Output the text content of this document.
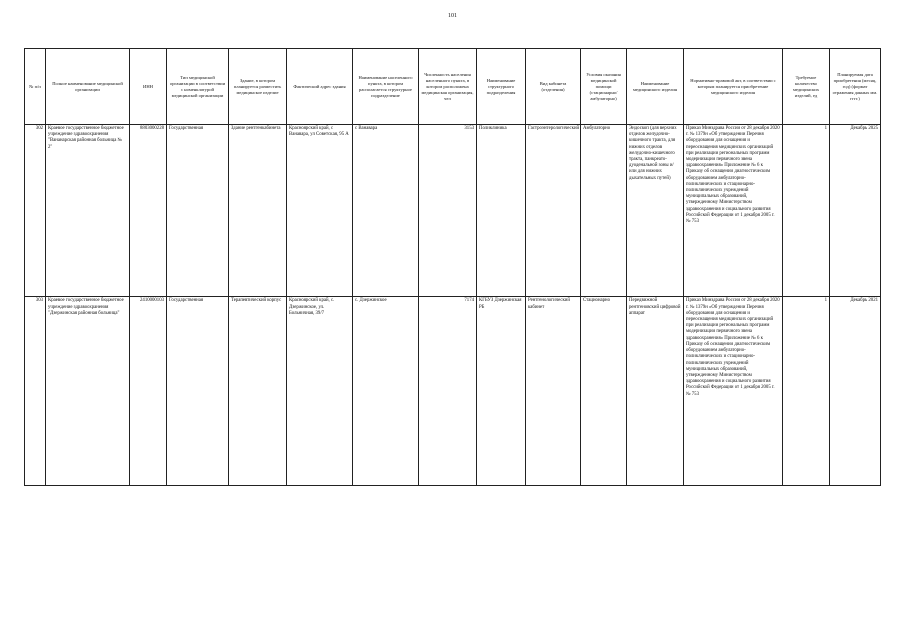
101
№ п/п	Полное наименование медицинской организации	ИНН	Тип медицинской организации в соответствии с номенклатурой медицинской организации	Здание, в котором планируется разместить медицинское изделие	Фактический адрес здания	Наименование населенного пункта, в котором располагается структурное подразделение	Численность населения населенного пункта, в котором расположена медицинская организация, чел	Наименование структурного подразделения	Вид кабинета (отделения)	Условия оказания медицинской помощи (стационарно/ амбулаторно)	Наименование медицинского изделия	Нормативно-правовой акт, в соответствии с которым планируется приобретение медицинского изделия	Требуемое количество медицинских изделий, ед	Планируемая дата приобретения (месяц, год) (формат отражения данных мм. гггг.)
302	Краевое государственное бюджетное учреждение здравоохранения "Вананарская районная больница № 2"	8803000228	Государственная	Здание рентгенкабинета	Красноярский край, с Ванавара, ул Советская, 95 А	с Ванавара	3153	Поликлиника	Гастроэнтерологический	Амбулаторно	Эндоскоп (для верхних отделов желудочно-кишечного тракта, для нижних отделов желудочно-кишечного тракта, панкреато-дуоденальной зоны и/или для нижних дыхательных путей)	Приказ Минздрава России от 28 декабря 2020 г. № 1379н «Об утверждении Перечня оборудования для оснащения и переоснащения медицинских организаций при реализации региональных программ модернизации первичного звена здравоохранения» Приложение № 6 к Приказу об оснащении диагностическим оборудованием амбулаторно-поликлинических и стационарно-поликлинических учреждений муниципальных образований, утвержденному Министерством здравоохранения и социального развития Российской Федерации от 1 декабря 2005 г. № 753	1	Декабрь 2025
303	Краевое государственное бюджетное учреждение здравоохранения "Дзержинская районная больница"	2410000103	Государственная	Терапевтический корпус	Красноярский край, с. Дзержинское, ул. Больничная, 39/7	с. Дзержинское	7174	КГБУЗ Дзержинская РБ	Рентгенологический кабинет	Стационарно	Передвижной рентгеновский цифровой аппарат	Приказ Минздрава России от 28 декабря 2020 г. № 1379н «Об утверждении Перечня оборудования для оснащения и переоснащения медицинских организаций при реализации региональных программ модернизации первичного звена здравоохранения» Приложение № 6 к Приказу об оснащении диагностическим оборудованием амбулаторно-поликлинических и стационарно-поликлинических учреждений муниципальных образований, утвержденному Министерством здравоохранения и социального развития Российской Федерации от 1 декабря 2005 г. № 753	1	Декабрь 2021
